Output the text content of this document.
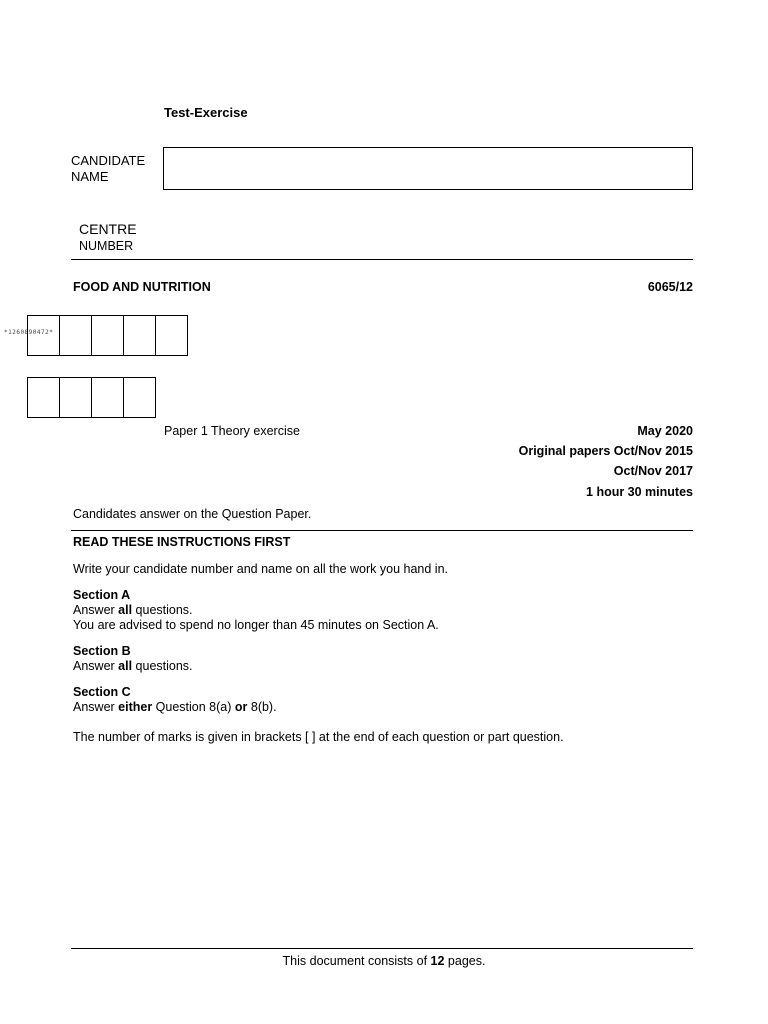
Test-Exercise
CANDIDATE
NAME
CENTRE
NUMBER
FOOD AND NUTRITION	6065/12
*1260890472*
Paper 1 Theory exercise	May 2020
Original papers Oct/Nov 2015
Oct/Nov 2017
1 hour 30 minutes
Candidates answer on the Question Paper.
READ THESE INSTRUCTIONS FIRST
Write your candidate number and name on all the work you hand in.

Section A

Answer all questions.

You are advised to spend no longer than 45 minutes on Section A.

Section B

Answer all questions.

Section C

Answer either Question 8(a) or 8(b).

The number of marks is given in brackets [ ] at the end of each question or part question.
This document consists of 12 pages.
